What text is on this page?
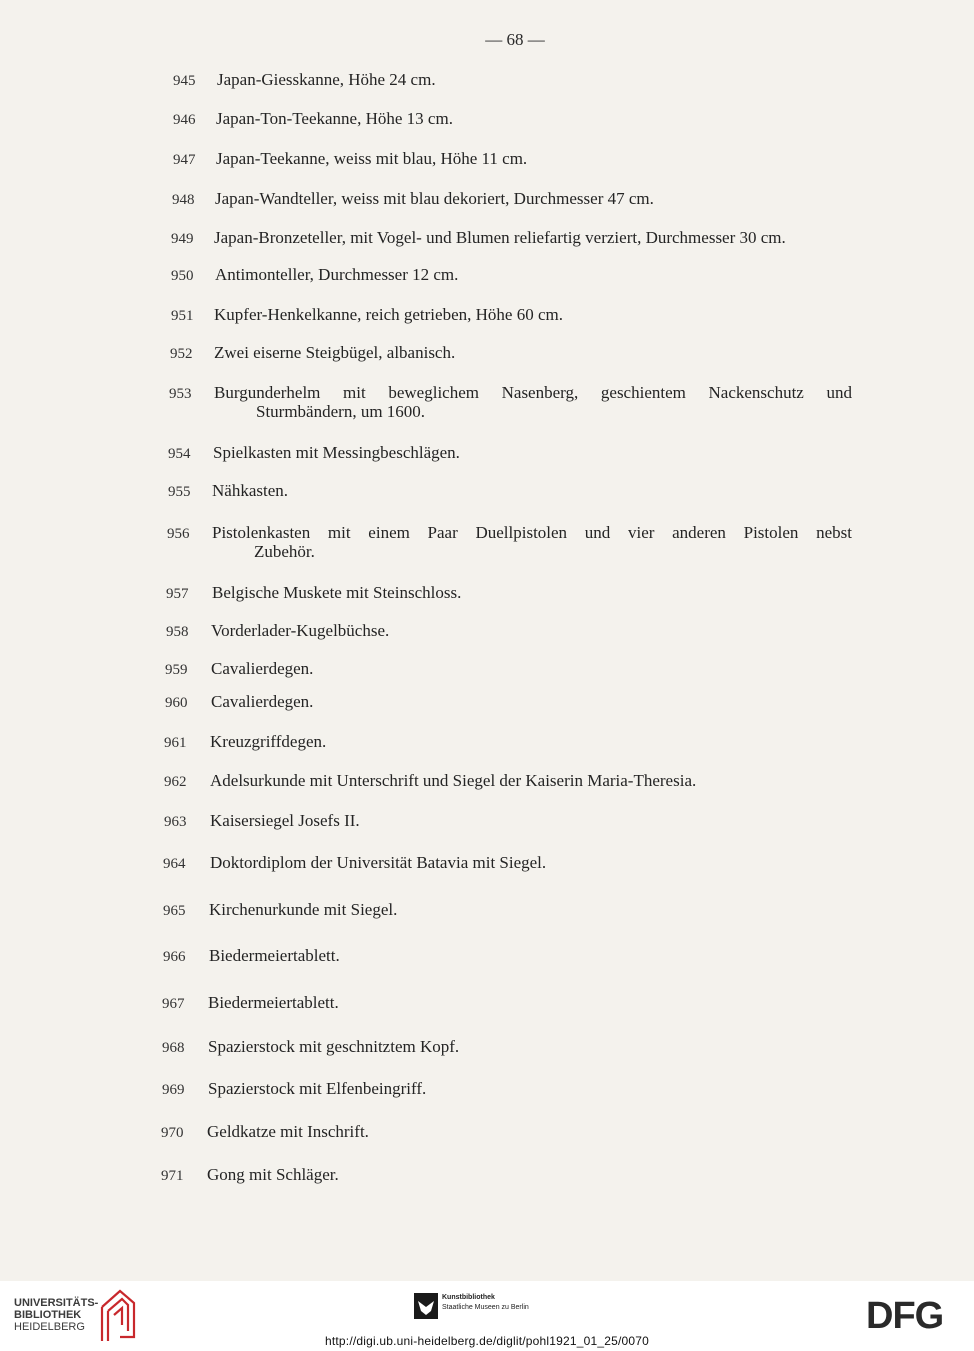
— 68 —
945	Japan-Giesskanne, Höhe 24 cm.
946	Japan-Ton-Teekanne, Höhe 13 cm.
947	Japan-Teekanne, weiss mit blau, Höhe 11 cm.
948	Japan-Wandteller, weiss mit blau dekoriert, Durchmesser 47 cm.
949	Japan-Bronzeteller, mit Vogel- und Blumen reliefartig verziert, Durchmesser 30 cm.
950	Antimonteller, Durchmesser 12 cm.
951	Kupfer-Henkelkanne, reich getrieben, Höhe 60 cm.
952	Zwei eiserne Steigbügel, albanisch.
953	Burgunderhelm mit beweglichem Nasenberg, geschientem Nackenschutz und
Sturmbändern, um 1600.
954	Spielkasten mit Messingbeschlägen.
955	Nähkasten.
956	Pistolenkasten mit einem Paar Duellpistolen und vier anderen Pistolen nebst
Zubehör.
957	Belgische Muskete mit Steinschloss.
958	Vorderlader-Kugelbüchse.
959	Cavalierdegen.
960	Cavalierdegen.
961	Kreuzgriffdegen.
962	Adelsurkunde mit Unterschrift und Siegel der Kaiserin Maria-Theresia.
963	Kaisersiegel Josefs II.
964	Doktordiplom der Universität Batavia mit Siegel.
965	Kirchenurkunde mit Siegel.
966	Biedermeiertablett.
967	Biedermeiertablett.
968	Spazierstock mit geschnitztem Kopf.
969	Spazierstock mit Elfenbeingriff.
970	Geldkatze mit Inschrift.
971	Gong mit Schläger.
UNIVERSITÄTS-
BIBLIOTHEK
HEIDELBERG
Kunstbibliothek
Staatliche Museen zu Berlin	DFG
http://digi.ub.uni-heidelberg.de/diglit/pohl1921_01_25/0070
